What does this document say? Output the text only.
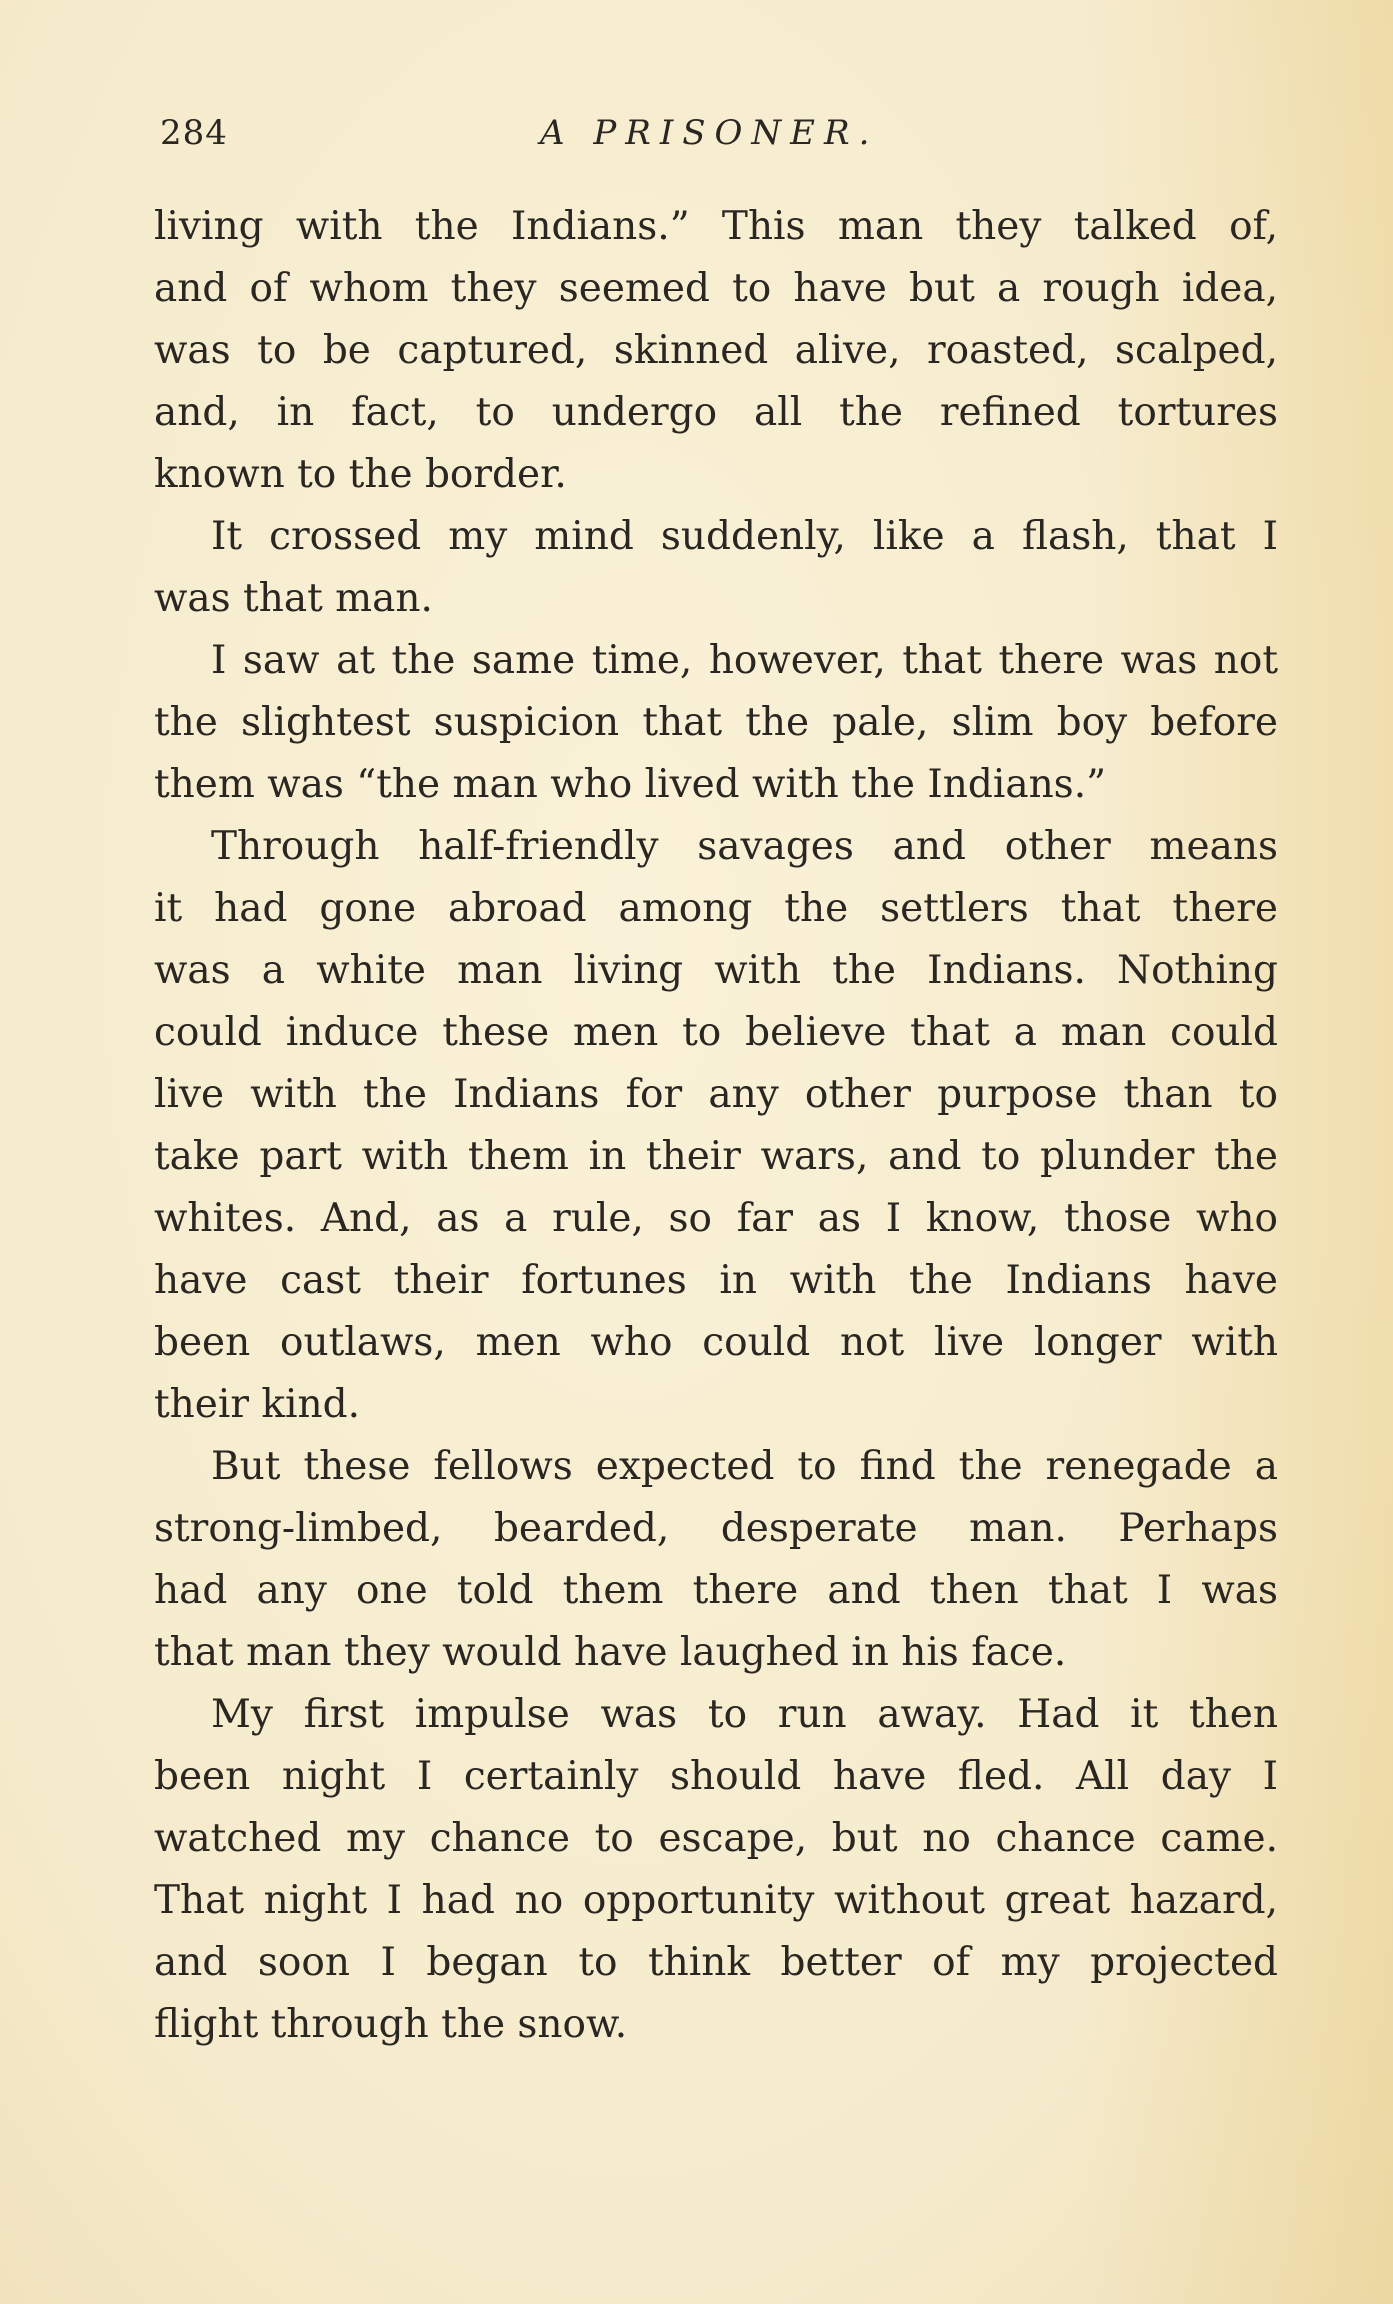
284	A PRISONER.
living with the Indians.” This man they talked of,
and of whom they seemed to have but a rough idea,
was to be captured, skinned alive, roasted, scalped,
and, in fact, to undergo all the refined tortures
known to the border.
It crossed my mind suddenly, like a flash, that I
was that man.
I saw at the same time, however, that there was not
the slightest suspicion that the pale, slim boy before
them was “the man who lived with the Indians.”
Through half-friendly savages and other means
it had gone abroad among the settlers that there
was a white man living with the Indians. Nothing
could induce these men to believe that a man could
live with the Indians for any other purpose than to
take part with them in their wars, and to plunder the
whites. And, as a rule, so far as I know, those who
have cast their fortunes in with the Indians have
been outlaws, men who could not live longer with
their kind.
But these fellows expected to find the renegade a
strong-limbed, bearded, desperate man. Perhaps
had any one told them there and then that I was
that man they would have laughed in his face.
My first impulse was to run away. Had it then
been night I certainly should have fled. All day I
watched my chance to escape, but no chance came.
That night I had no opportunity without great hazard,
and soon I began to think better of my projected
flight through the snow.
